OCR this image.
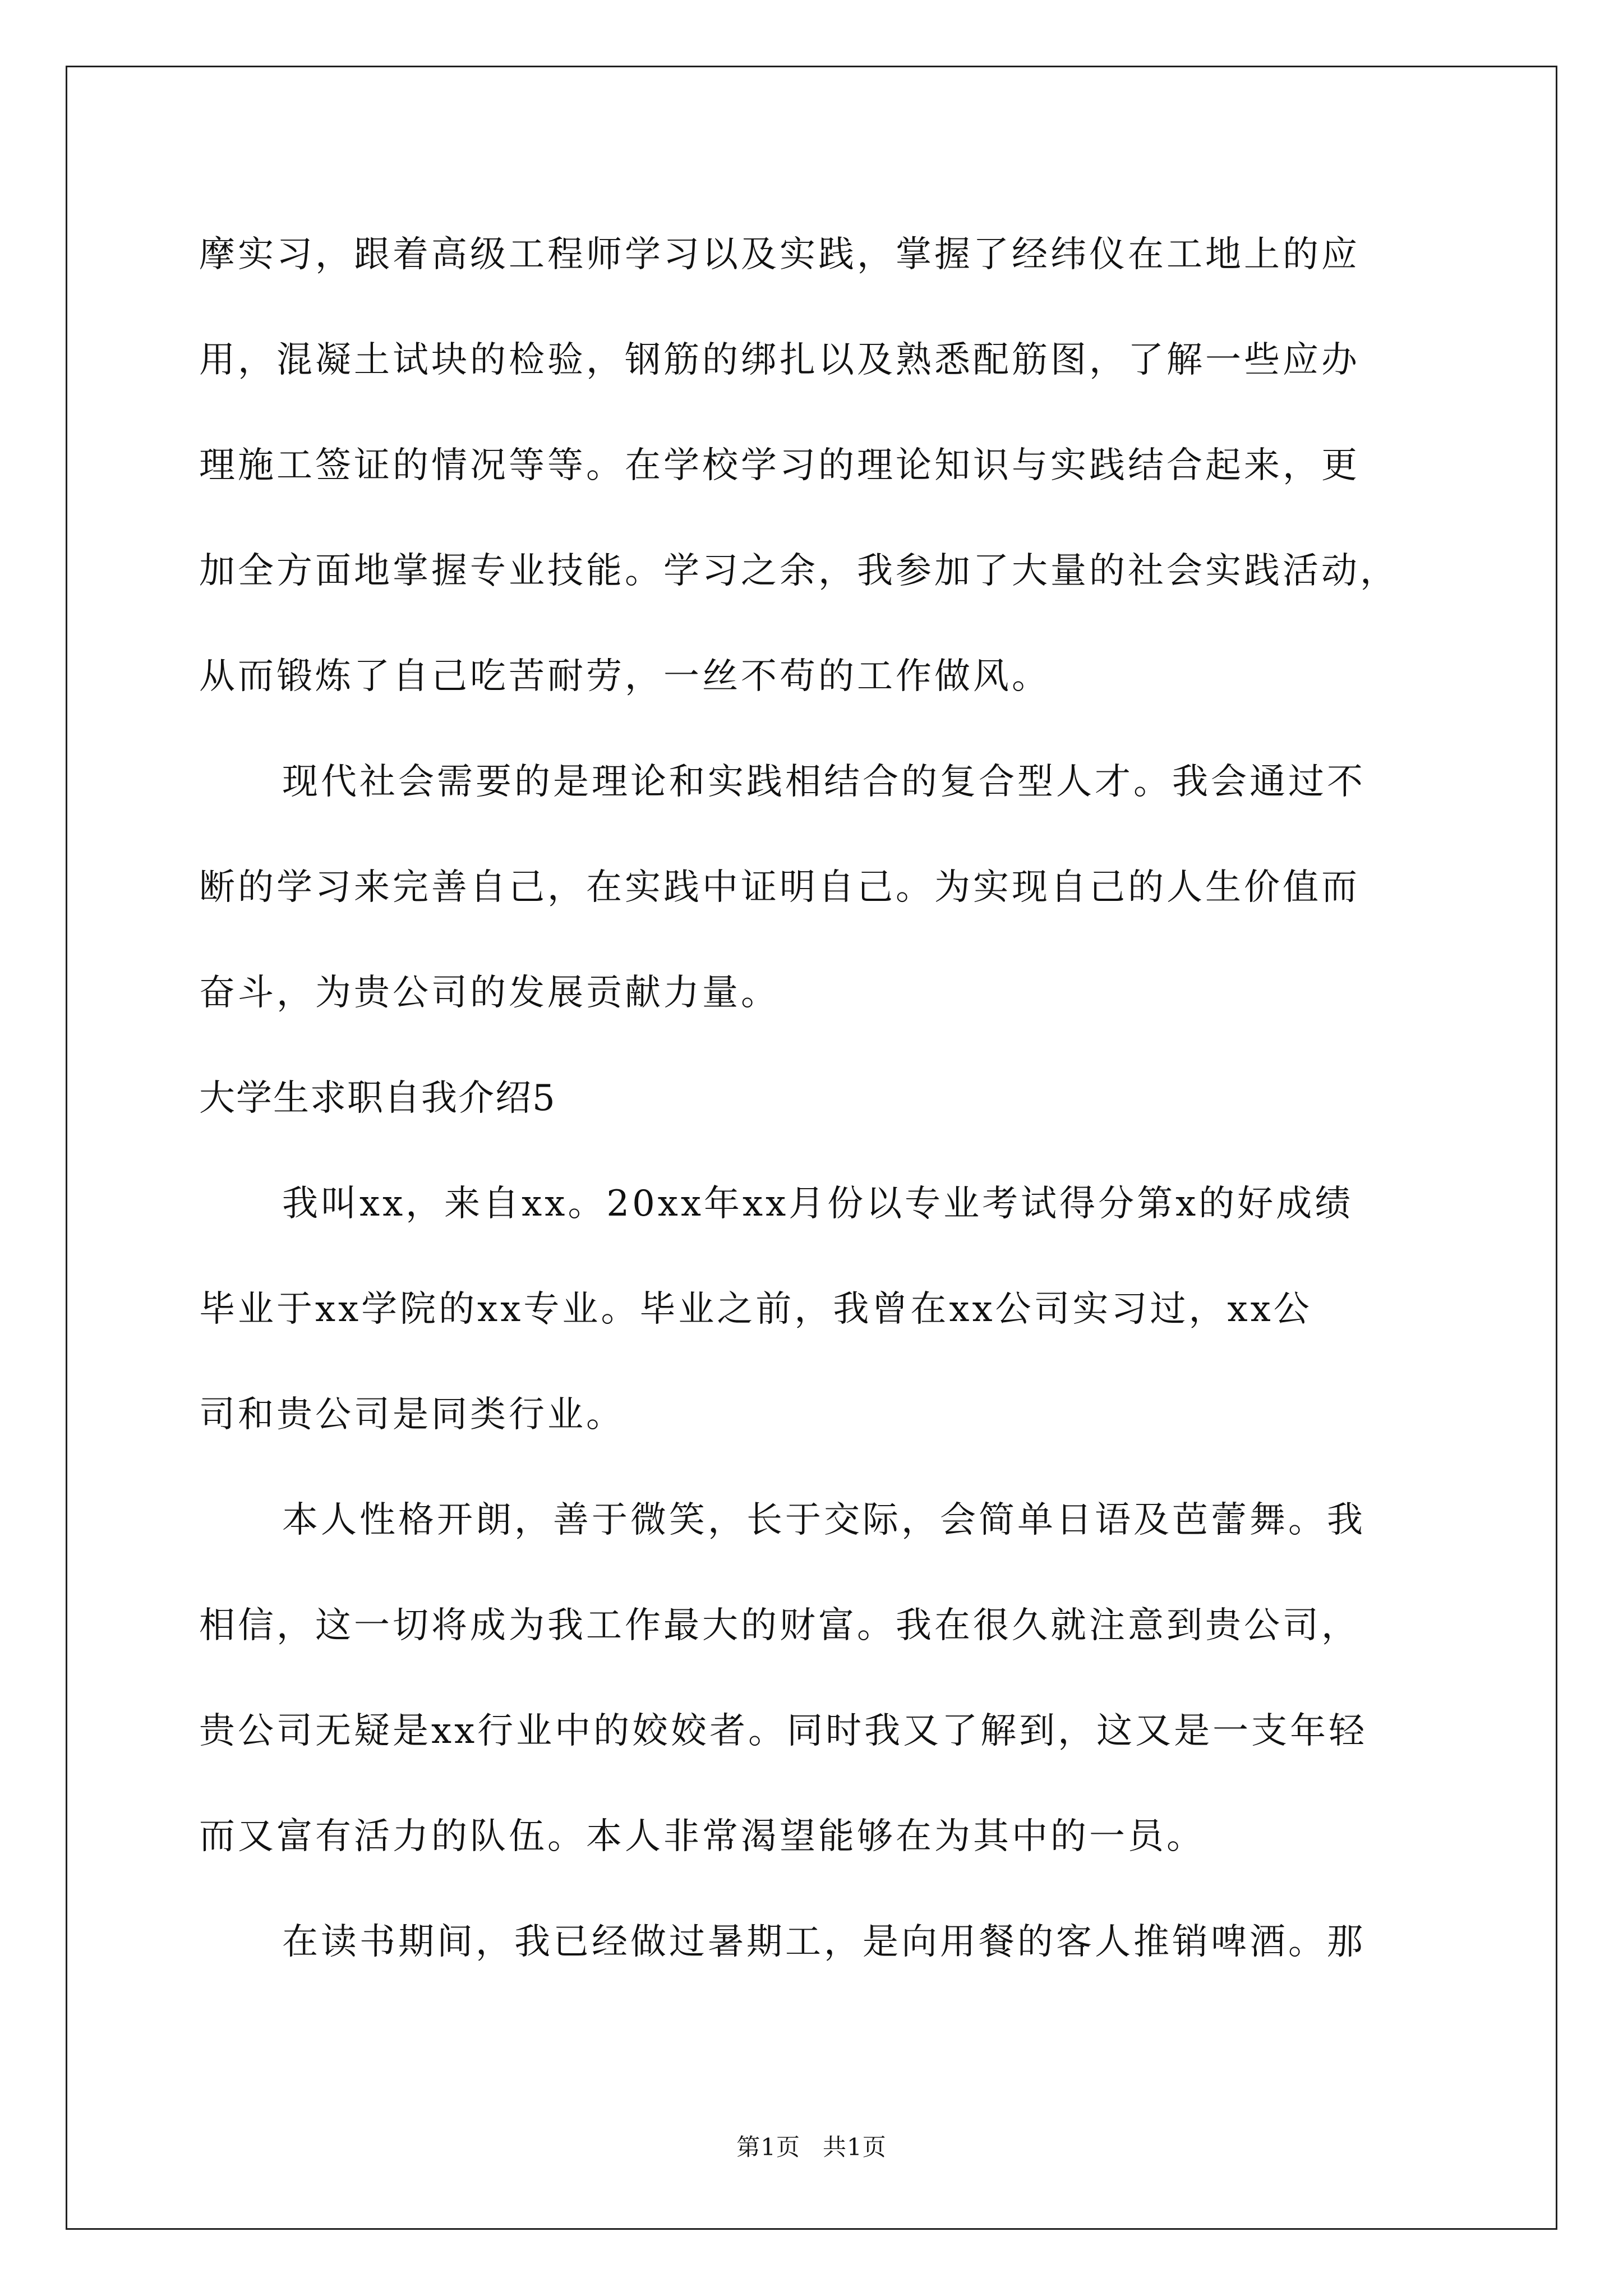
摩实习，跟着高级工程师学习以及实践，掌握了经纬仪在工地上的应
用，混凝土试块的检验，钢筋的绑扎以及熟悉配筋图，了解一些应办
理施工签证的情况等等。在学校学习的理论知识与实践结合起来，更
加全方面地掌握专业技能。学习之余，我参加了大量的社会实践活动，
从而锻炼了自己吃苦耐劳，一丝不苟的工作做风。
现代社会需要的是理论和实践相结合的复合型人才。我会通过不
断的学习来完善自己，在实践中证明自己。为实现自己的人生价值而
奋斗，为贵公司的发展贡献力量。
大学生求职自我介绍5
我叫xx，来自xx。20xx年xx月份以专业考试得分第x的好成绩
毕业于xx学院的xx专业。毕业之前，我曾在xx公司实习过，xx公
司和贵公司是同类行业。
本人性格开朗，善于微笑，长于交际，会简单日语及芭蕾舞。我
相信，这一切将成为我工作最大的财富。我在很久就注意到贵公司，
贵公司无疑是xx行业中的姣姣者。同时我又了解到，这又是一支年轻
而又富有活力的队伍。本人非常渴望能够在为其中的一员。
在读书期间，我已经做过暑期工，是向用餐的客人推销啤酒。那
第1页 共1页
